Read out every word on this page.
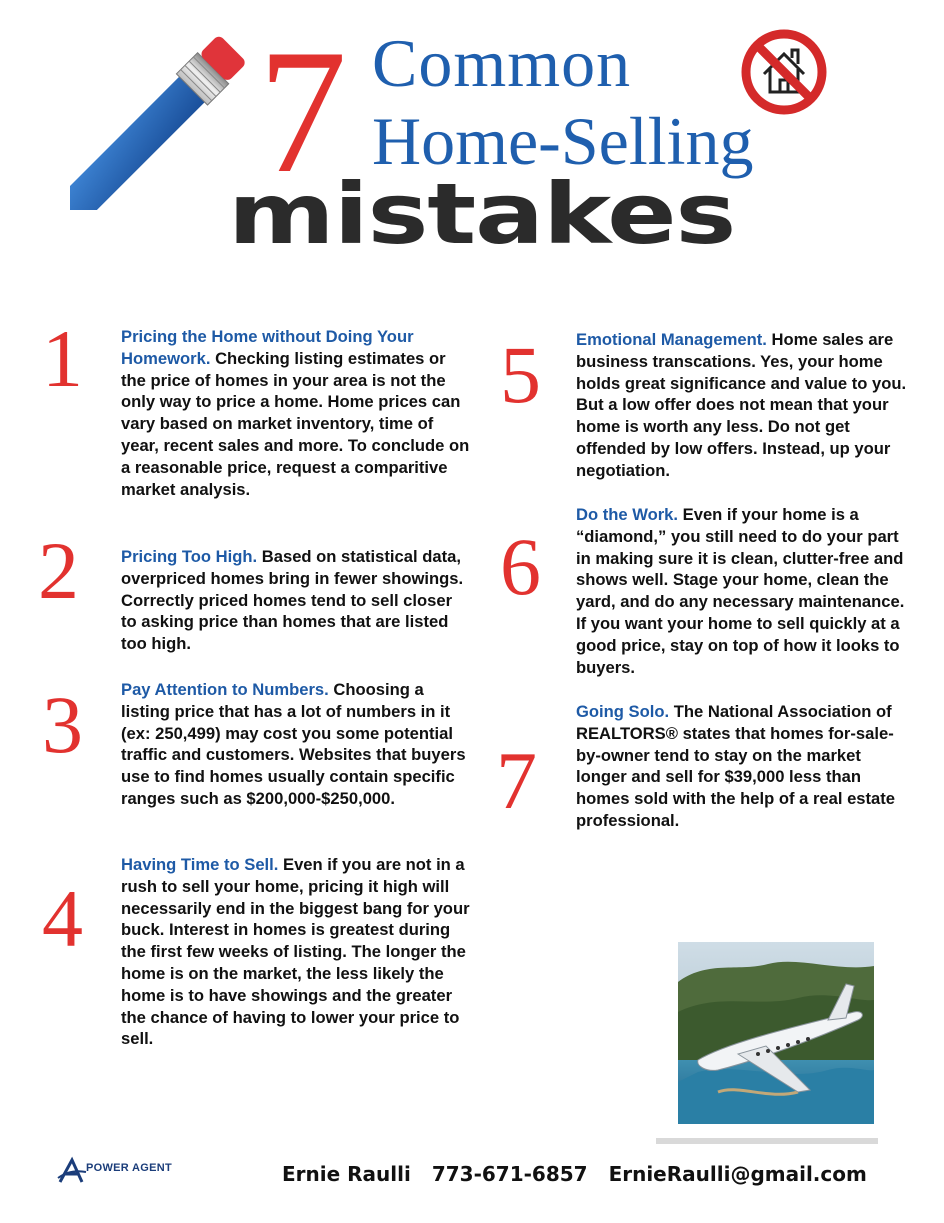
7 Common
Home-Selling
mistakes
1
2
3
4
5
6
7
Pricing the Home without Doing Your Homework. Checking listing estimates or the price of homes in your area is not the only way to price a home. Home prices can vary based on market inventory, time of year, recent sales and more. To conclude on a reasonable price, request a comparitive market analysis.
Pricing Too High. Based on statistical data, overpriced homes bring in fewer showings. Correctly priced homes tend to sell closer to asking price than homes that are listed too high.
Pay Attention to Numbers. Choosing a listing price that has a lot of numbers in it (ex: 250,499) may cost you some potential traffic and customers. Websites that buyers use to find homes usually contain specific ranges such as $200,000-$250,000.
Having Time to Sell. Even if you are not in a rush to sell your home, pricing it high will necessarily end in the biggest bang for your buck. Interest in homes is greatest during the first few weeks of listing. The longer the home is on the market, the less likely the home is to have showings and the greater the chance of having to lower your price to sell.
Emotional Management. Home sales are business transcations. Yes, your home holds great significance and value to you. But a low offer does not mean that your home is worth any less. Do not get offended by low offers. Instead, up your negotiation.
Do the Work. Even if your home is a “diamond,” you still need to do your part in making sure it is clean, clutter-free and shows well. Stage your home, clean the yard, and do any necessary maintenance. If you want your home to sell quickly at a good price, stay on top of how it looks to buyers.
Going Solo. The National Association of REALTORS® states that homes for-sale-by-owner tend to stay on the market longer and sell for $39,000 less than homes sold with the help of a real estate professional.
POWER AGENT	Ernie Raulli 773-671-6857 ErnieRaulli@gmail.com
